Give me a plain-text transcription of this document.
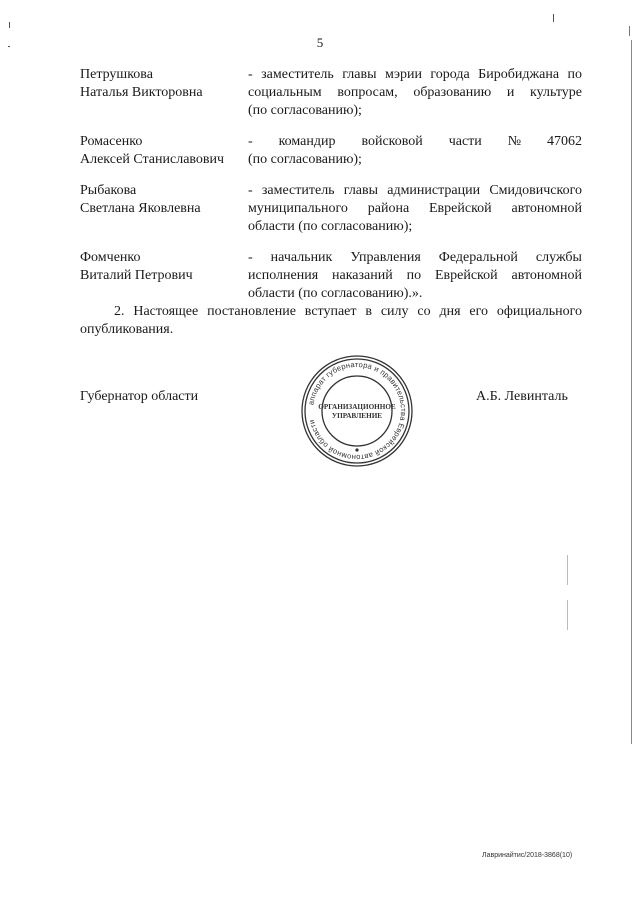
5
Петрушкова
Наталья Викторовна
- заместитель главы мэрии города Биробиджана по
социальным вопросам, образованию и культуре
(по согласованию);
Ромасенко
Алексей Станиславович
- командир войсковой части № 47062
(по согласованию);
Рыбакова
Светлана Яковлевна
- заместитель главы администрации Смидовичского
муниципального района Еврейской автономной
области (по согласованию);
Фомченко
Виталий Петрович
- начальник Управления Федеральной службы
исполнения наказаний по Еврейской автономной
области (по согласованию).».
2. Настоящее постановление вступает в силу со дня его официального опубликования.
Губернатор области	А.Б. Левинталь
аппарат губернатора и правительства Еврейской автономной области
ОРГАНИЗАЦИОННОЕ
УПРАВЛЕНИЕ
Лавринайтис/2018-3868(10)
